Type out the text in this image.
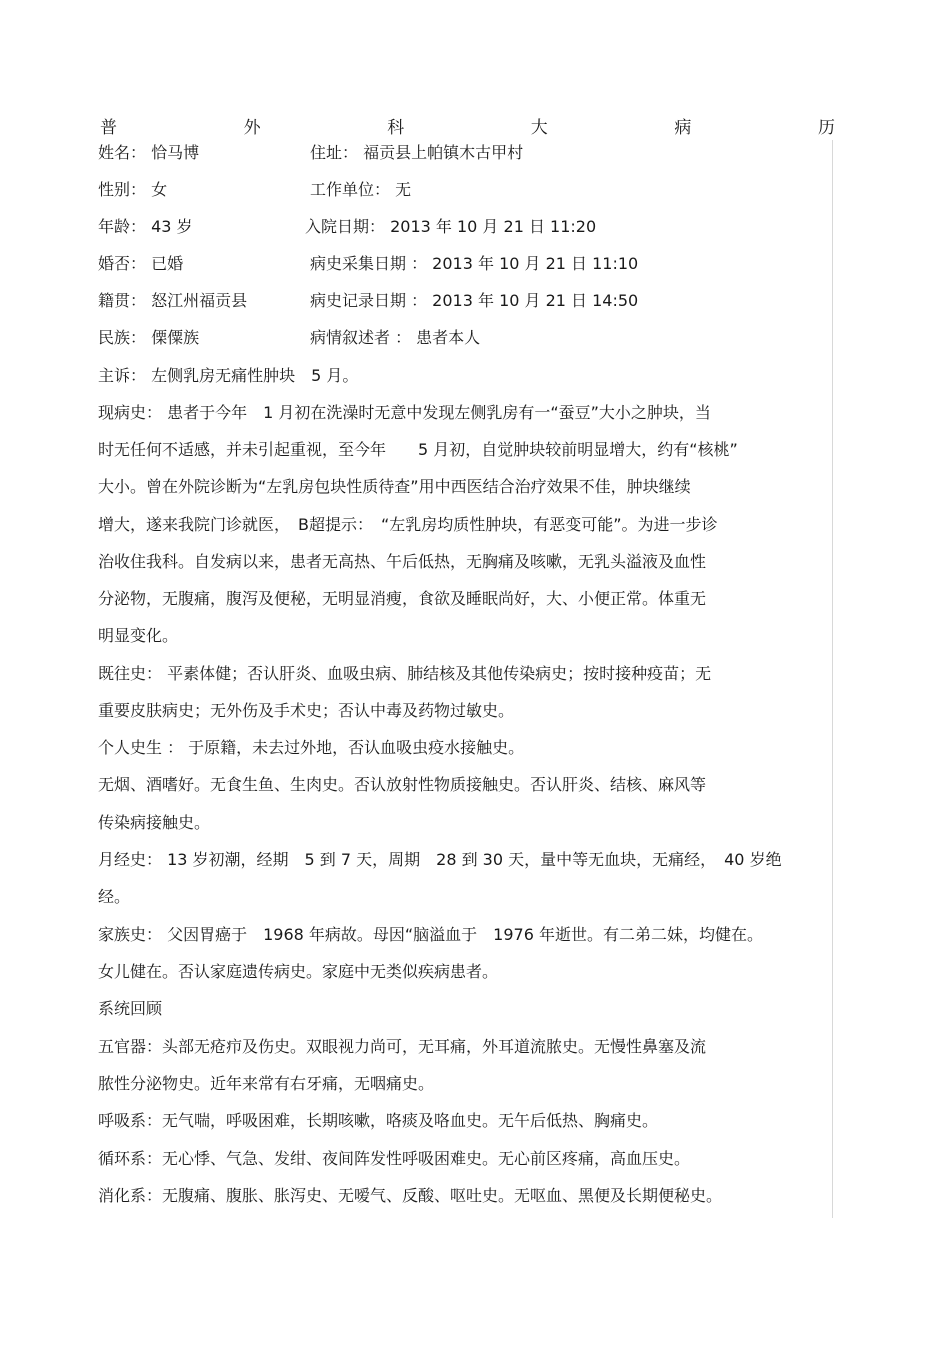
普	外	科	大	病	历
姓名： 恰马博	住址： 福贡县上帕镇木古甲村
性别： 女	工作单位： 无
年龄： 43 岁	入院日期： 2013 年 10 月 21 日 11:20
婚否： 已婚	病史采集日期 ： 2013 年 10 月 21 日 11:10
籍贯： 怒江州福贡县	病史记录日期 ： 2013 年 10 月 21 日 14:50
民族： 傈僳族	病情叙述者 ： 患者本人
主诉： 左侧乳房无痛性肿块　5 月。
现病史： 患者于今年　1 月初在洗澡时无意中发现左侧乳房有一“蚕豆”大小之肿块，当
时无任何不适感，并未引起重视，至今年　　5 月初，自觉肿块较前明显增大，约有“核桃”
大小。曾在外院诊断为“左乳房包块性质待查”用中西医结合治疗效果不佳，肿块继续
增大，遂来我院门诊就医，　B超提示：　“左乳房均质性肿块，有恶变可能”。为进一步诊
治收住我科。自发病以来，患者无高热、午后低热，无胸痛及咳嗽，无乳头溢液及血性
分泌物，无腹痛，腹泻及便秘，无明显消瘦，食欲及睡眠尚好，大、小便正常。体重无
明显变化。
既往史： 平素体健；否认肝炎、血吸虫病、肺结核及其他传染病史；按时接种疫苗；无
重要皮肤病史；无外伤及手术史；否认中毒及药物过敏史。
个人史生 ： 于原籍，未去过外地，否认血吸虫疫水接触史。
无烟、酒嗜好。无食生鱼、生肉史。否认放射性物质接触史。否认肝炎、结核、麻风等
传染病接触史。
月经史： 13 岁初潮，经期　5 到 7 天，周期　28 到 30 天，量中等无血块，无痛经，　40 岁绝
经。
家族史： 父因胃癌于　1968 年病故。母因“脑溢血于　1976 年逝世。有二弟二妹，均健在。
女儿健在。否认家庭遗传病史。家庭中无类似疾病患者。
系统回顾
五官器：头部无疮疖及伤史。双眼视力尚可，无耳痛，外耳道流脓史。无慢性鼻塞及流
脓性分泌物史。近年来常有右牙痛，无咽痛史。
呼吸系：无气喘，呼吸困难，长期咳嗽，咯痰及咯血史。无午后低热、胸痛史。
循环系：无心悸、气急、发绀、夜间阵发性呼吸困难史。无心前区疼痛，高血压史。
消化系：无腹痛、腹胀、胀泻史、无嗳气、反酸、呕吐史。无呕血、黑便及长期便秘史。
